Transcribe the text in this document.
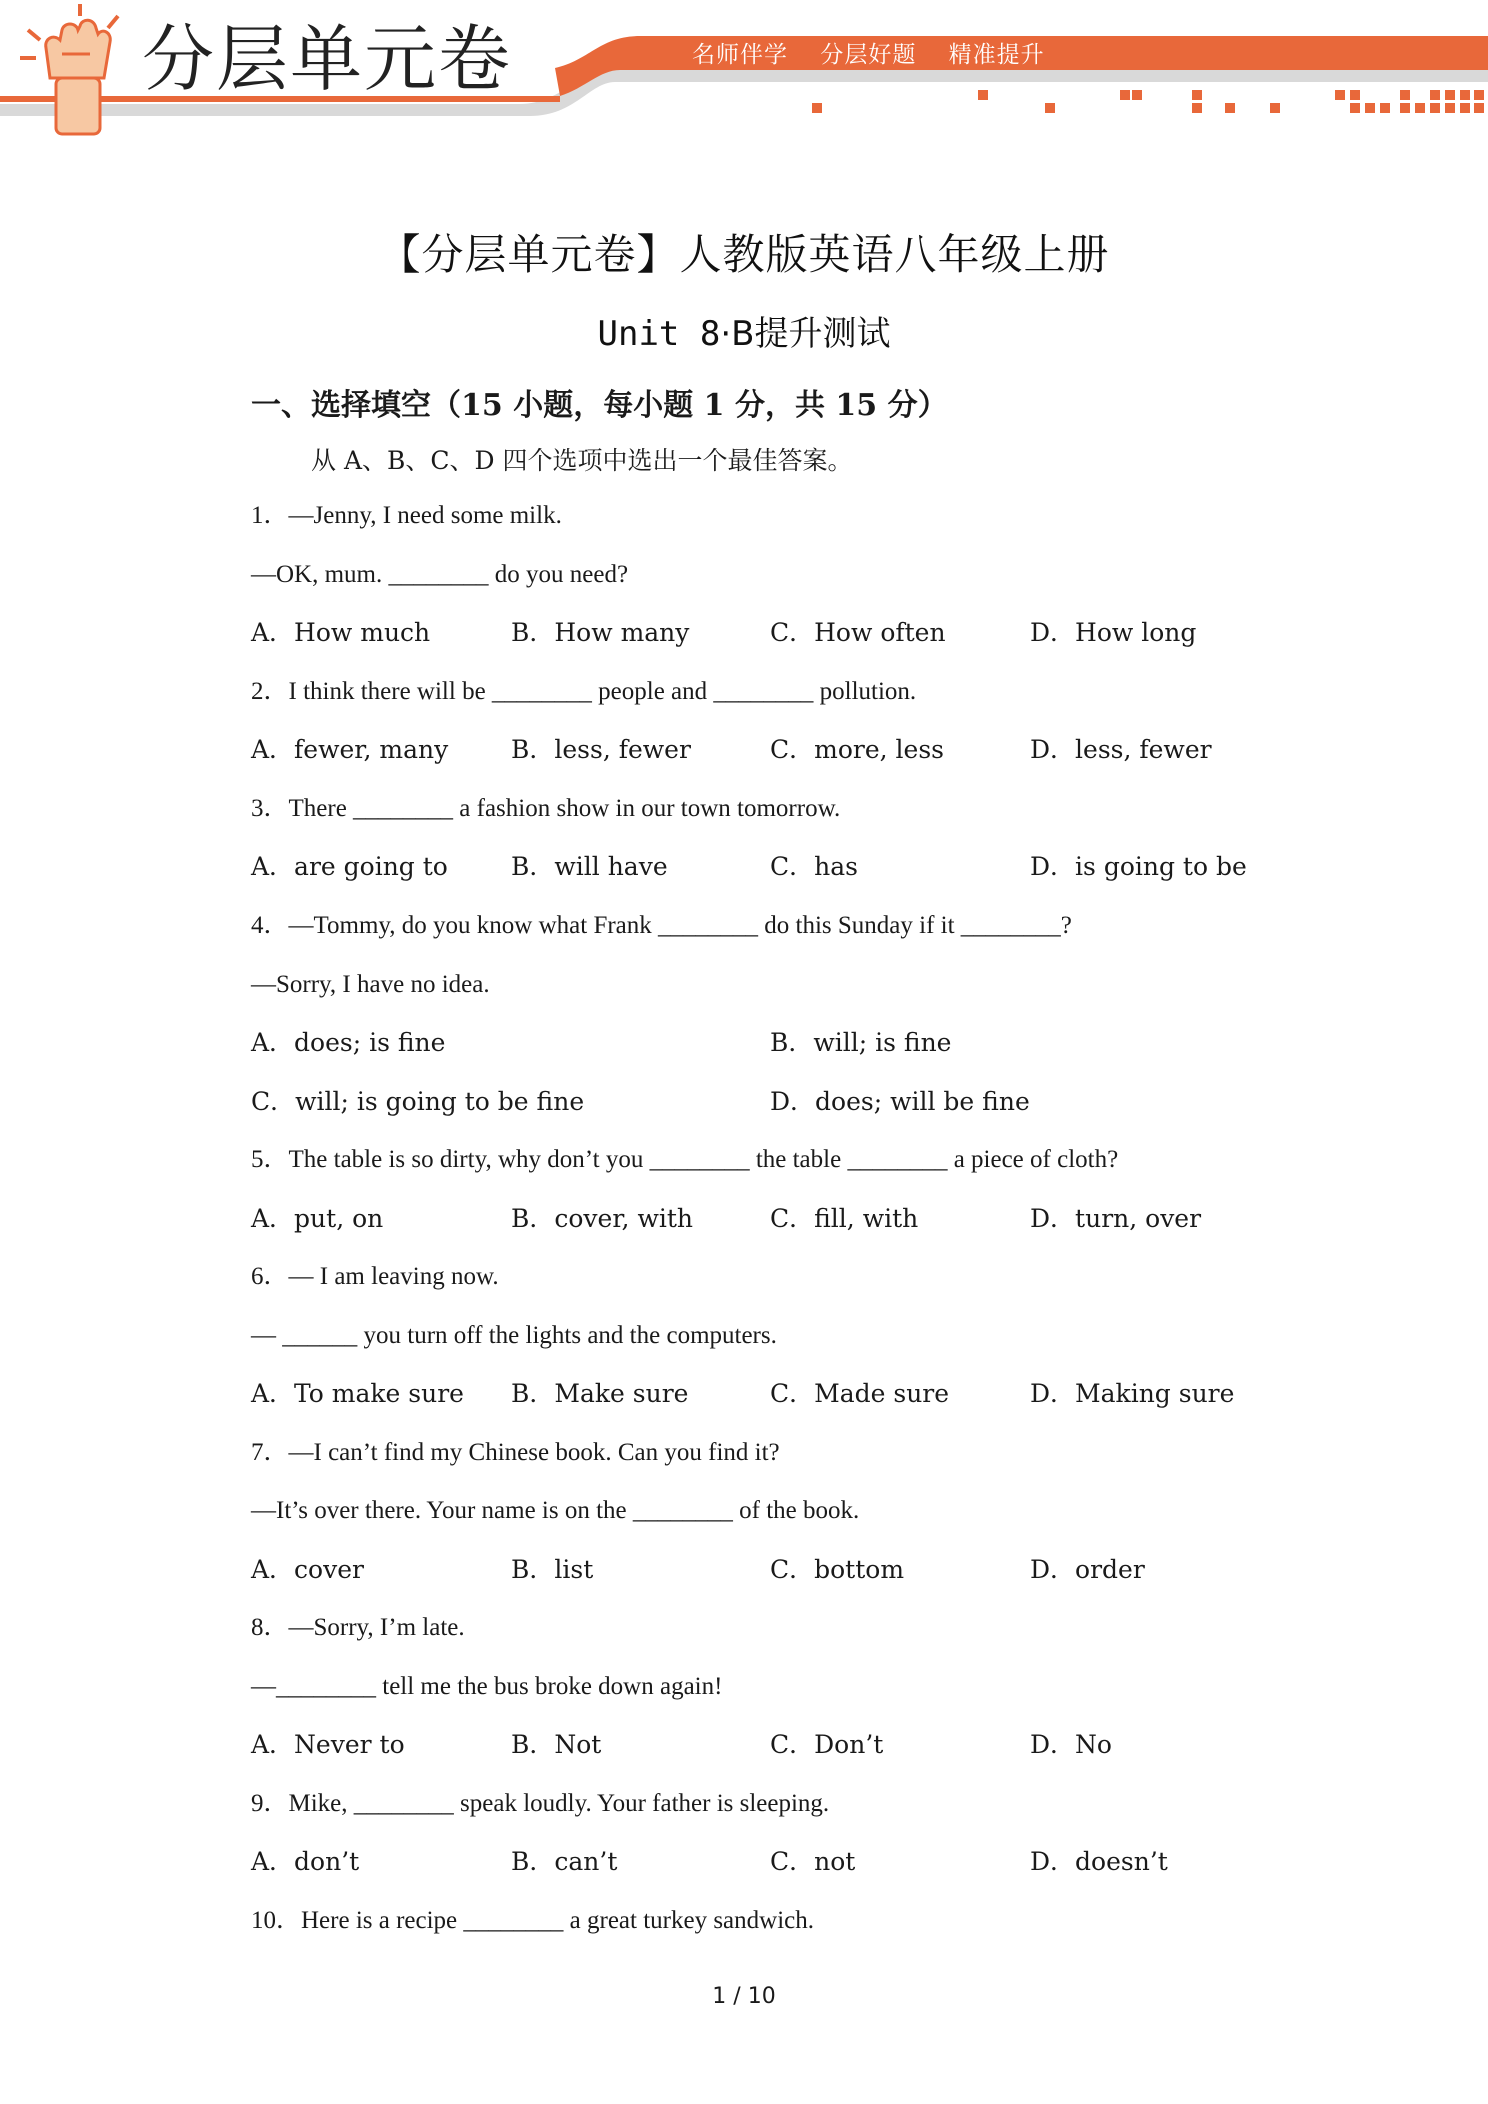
分层单元卷	名师伴学 分层好题 精准提升
【分层单元卷】人教版英语八年级上册
Unit 8·B提升测试
一、选择填空（15 小题，每小题 1 分，共 15 分）
从 A、B、C、D 四个选项中选出一个最佳答案。
1．—Jenny, I need some milk.
—OK, mum. ________ do you need?
A．How much	B．How many	C．How often	D．How long
2．I think there will be ________ people and ________ pollution.
A．fewer, many	B．less, fewer	C．more, less	D．less, fewer
3．There ________ a fashion show in our town tomorrow.
A．are going to	B．will have	C．has	D．is going to be
4．—Tommy, do you know what Frank ________ do this Sunday if it ________?
—Sorry, I have no idea.
A．does; is fine	B．will; is fine
C．will; is going to be fine	D．does; will be fine
5．The table is so dirty, why don’t you ________ the table ________ a piece of cloth?
A．put, on	B．cover, with	C．fill, with	D．turn, over
6．— I am leaving now.
— ______ you turn off the lights and the computers.
A．To make sure B．Make sure	C．Made sure	D．Making sure
7．—I can’t find my Chinese book. Can you find it?
—It’s over there. Your name is on the ________ of the book.
A．cover	B．list	C．bottom	D．order
8．—Sorry, I’m late.
—________ tell me the bus broke down again!
A．Never to	B．Not	C．Don’t	D．No
9．Mike, ________ speak loudly. Your father is sleeping.
A．don’t	B．can’t	C．not	D．doesn’t
10．Here is a recipe ________ a great turkey sandwich.
1 / 10
